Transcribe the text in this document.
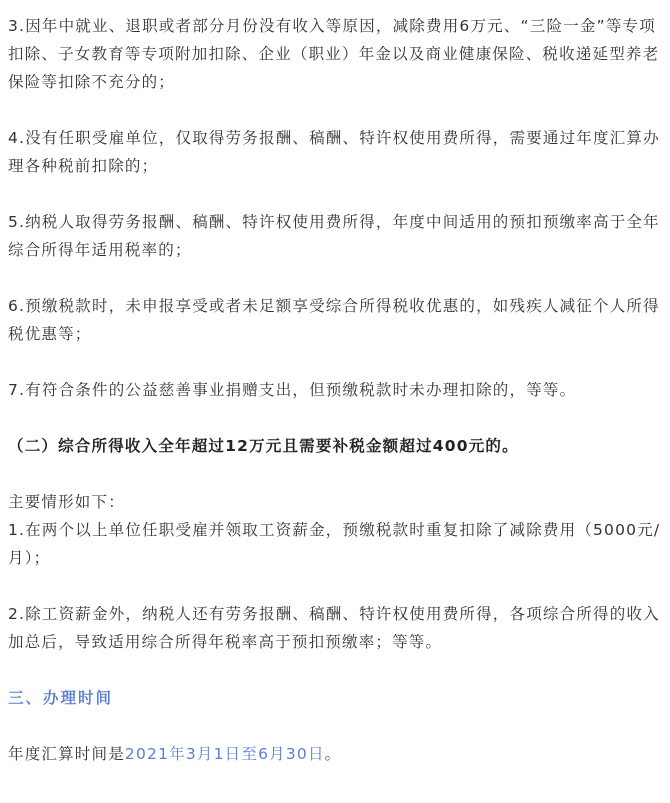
3.因年中就业、退职或者部分月份没有收入等原因，减除费用6万元、“三险一金”等专项扣除、子女教育等专项附加扣除、企业（职业）年金以及商业健康保险、税收递延型养老保险等扣除不充分的；

4.没有任职受雇单位，仅取得劳务报酬、稿酬、特许权使用费所得，需要通过年度汇算办理各种税前扣除的；

5.纳税人取得劳务报酬、稿酬、特许权使用费所得，年度中间适用的预扣预缴率高于全年综合所得年适用税率的；

6.预缴税款时，未申报享受或者未足额享受综合所得税收优惠的，如残疾人减征个人所得税优惠等；

7.有符合条件的公益慈善事业捐赠支出，但预缴税款时未办理扣除的，等等。

（二）综合所得收入全年超过12万元且需要补税金额超过400元的。

主要情形如下：

1.在两个以上单位任职受雇并领取工资薪金，预缴税款时重复扣除了减除费用（5000元/月）；

2.除工资薪金外，纳税人还有劳务报酬、稿酬、特许权使用费所得，各项综合所得的收入加总后，导致适用综合所得年税率高于预扣预缴率；等等。

三、办理时间

年度汇算时间是2021年3月1日至6月30日。
